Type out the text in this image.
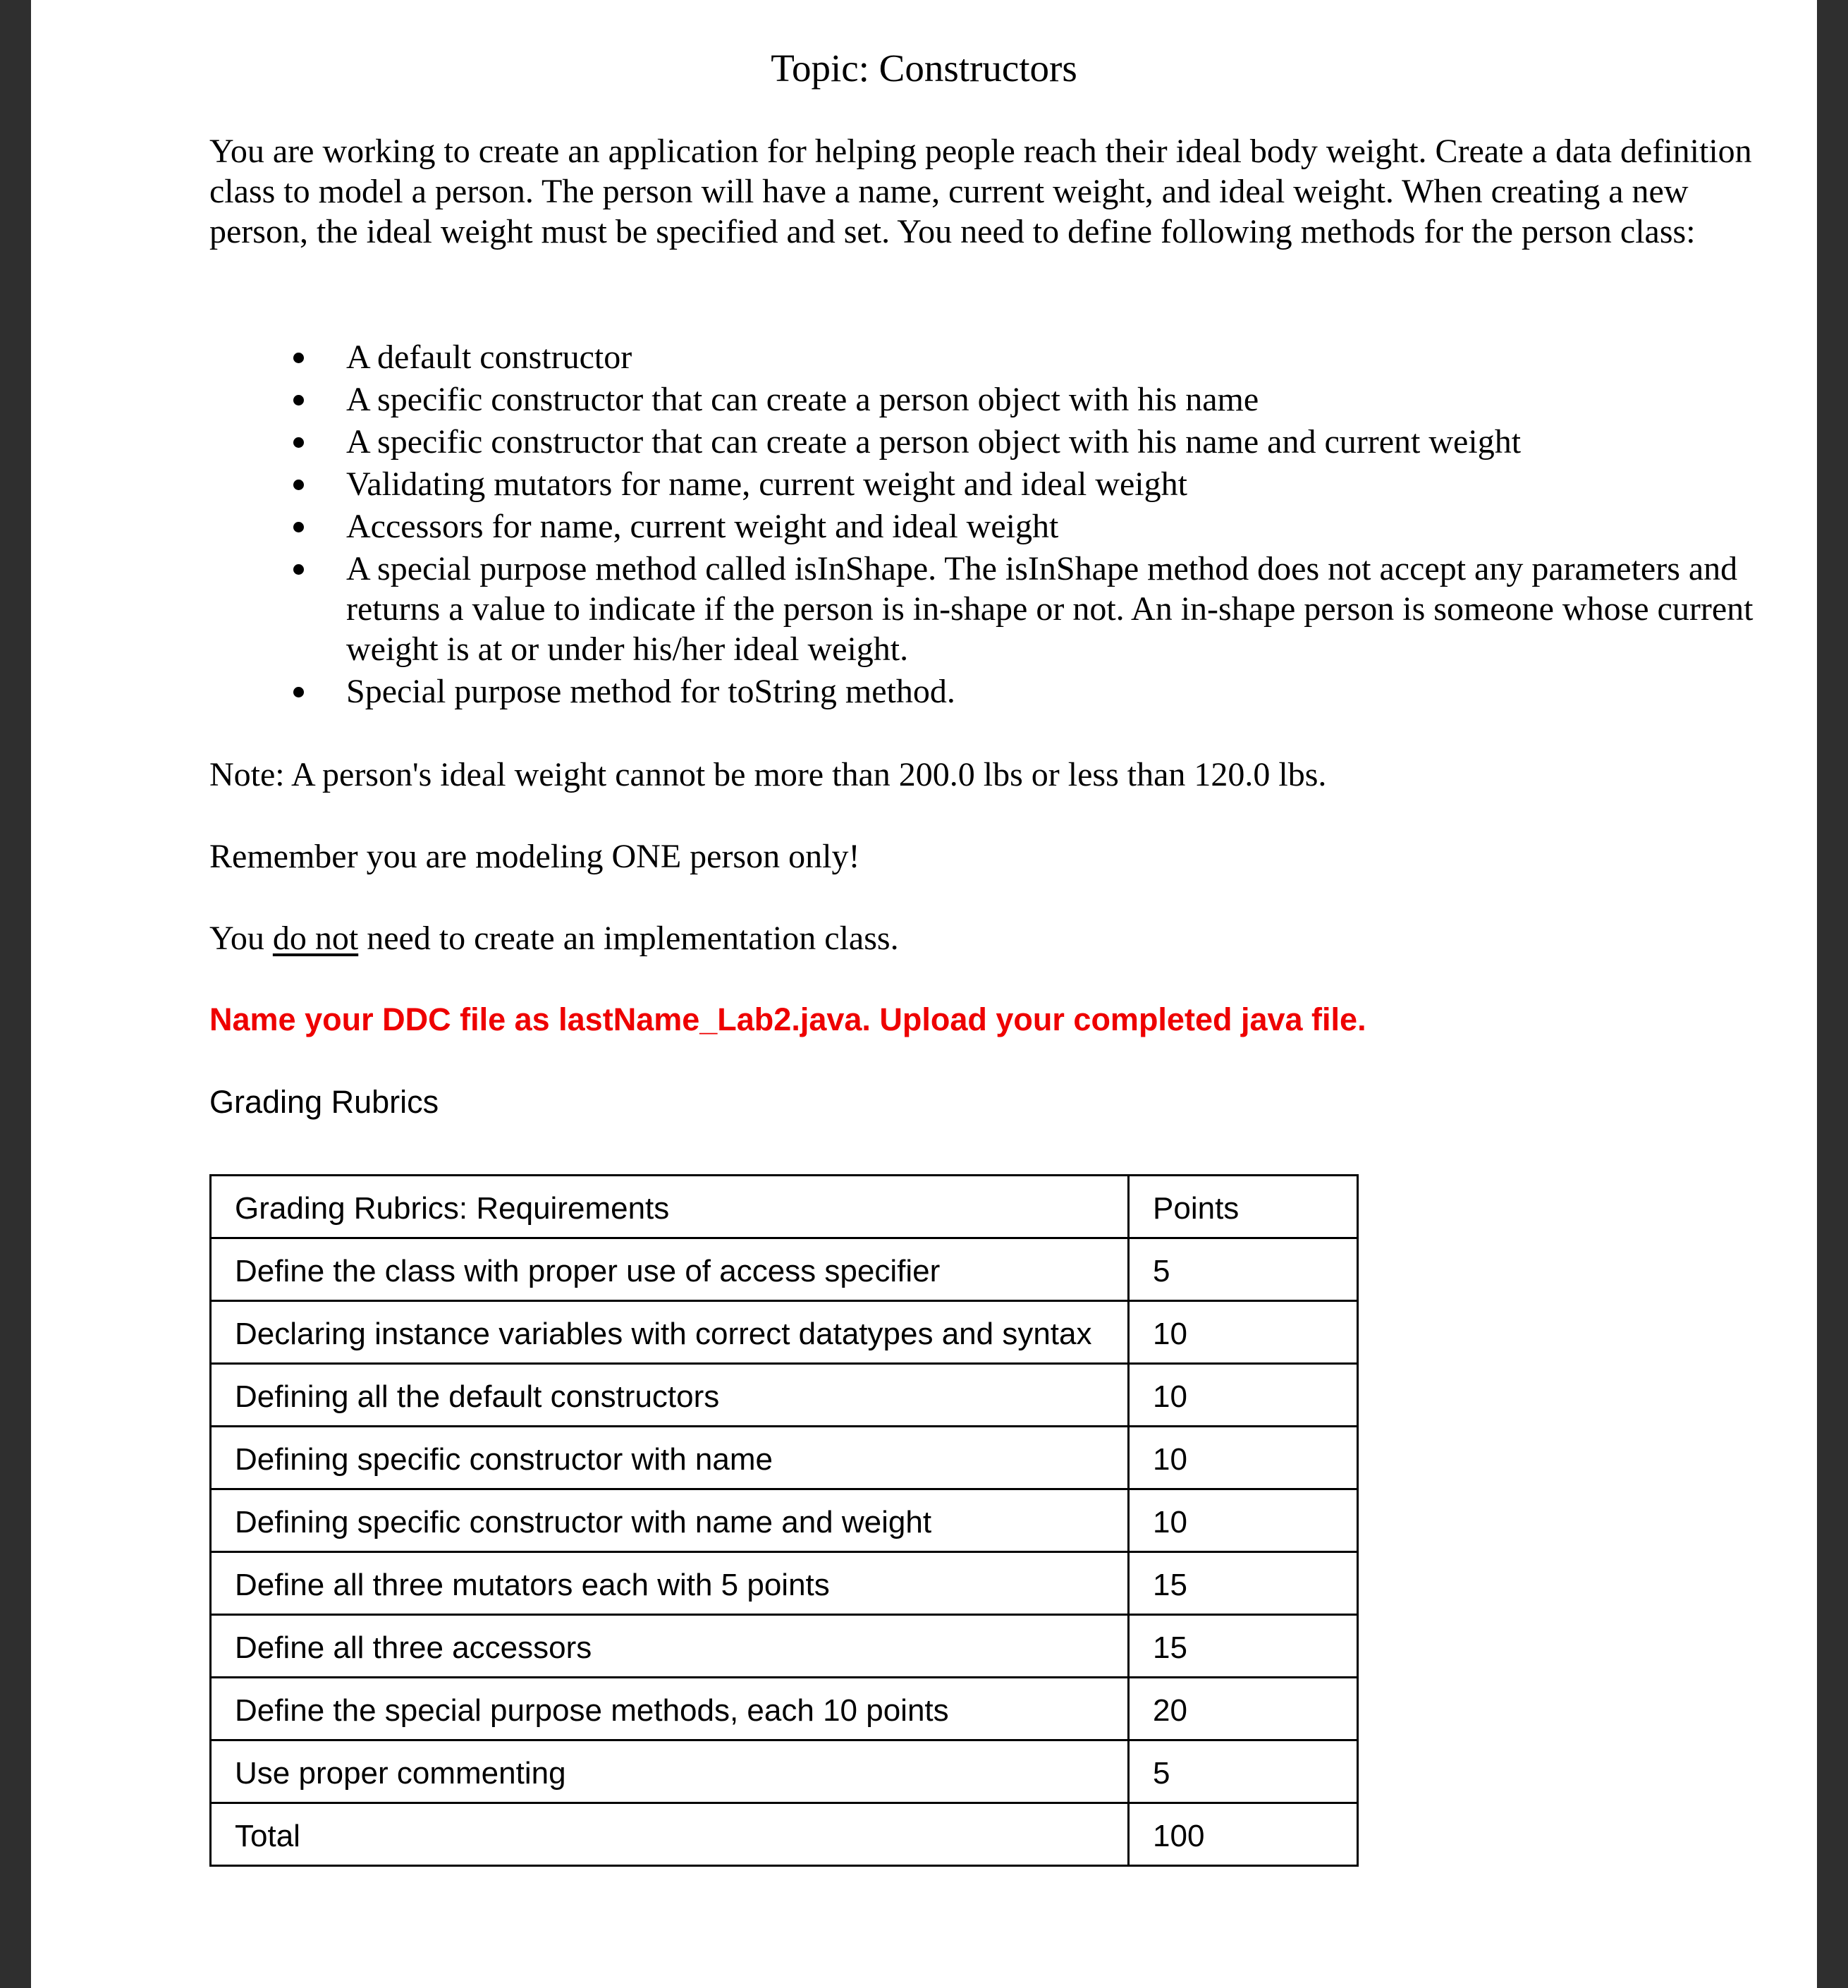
Topic: Constructors

You are working to create an application for helping people reach their ideal body weight. Create a data definition class to model a person. The person will have a name, current weight, and ideal weight. When creating a new person, the ideal weight must be specified and set. You need to define following methods for the person class:

A default constructor
A specific constructor that can create a person object with his name
A specific constructor that can create a person object with his name and current weight
Validating mutators for name, current weight and ideal weight
Accessors for name, current weight and ideal weight
A special purpose method called isInShape. The isInShape method does not accept any parameters and returns a value to indicate if the person is in-shape or not. An in-shape person is someone whose current weight is at or under his/her ideal weight.
Special purpose method for toString method.

Note: A person's ideal weight cannot be more than 200.0 lbs or less than 120.0 lbs.

Remember you are modeling ONE person only!

You do not need to create an implementation class.

Name your DDC file as lastName_Lab2.java. Upload your completed java file.

Grading Rubrics

Grading Rubrics: Requirements	Points
Define the class with proper use of access specifier	5
Declaring instance variables with correct datatypes and syntax	10
Defining all the default constructors	10
Defining specific constructor with name	10
Defining specific constructor with name and weight	10
Define all three mutators each with 5 points	15
Define all three accessors	15
Define the special purpose methods, each 10 points	20
Use proper commenting	5
Total	100
